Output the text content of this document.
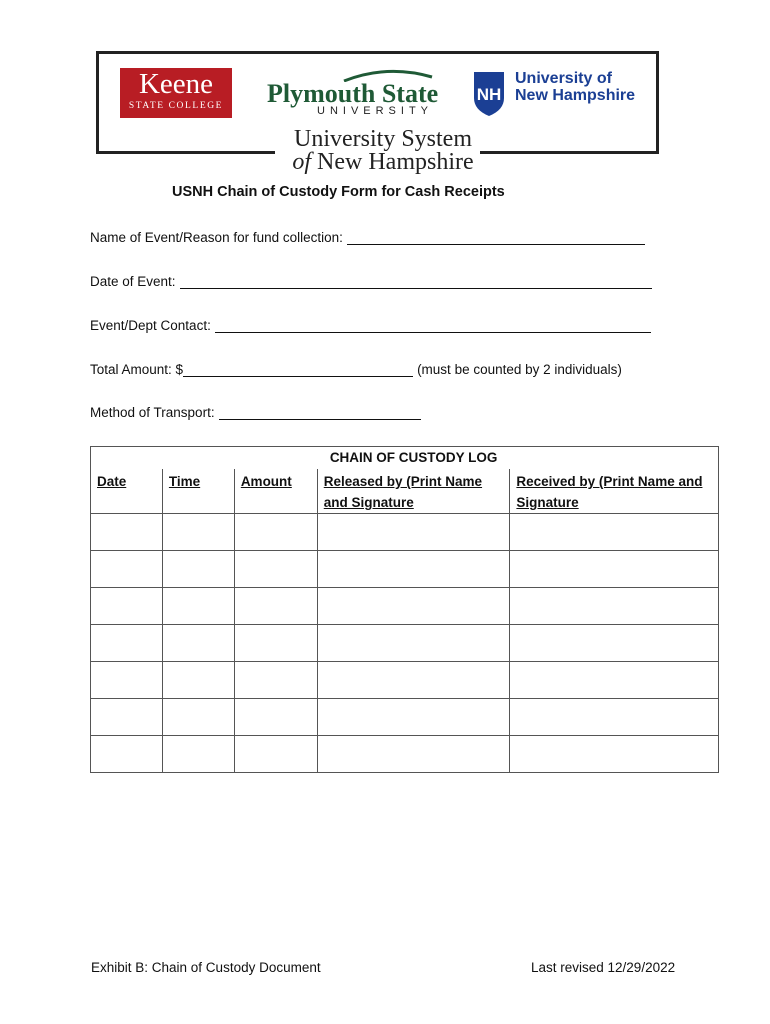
Keene
STATE COLLEGE	Plymouth State
UNIVERSITY
NH
University of
New Hampshire
University System
of New Hampshire
USNH Chain of Custody Form for Cash Receipts
Name of Event/Reason for fund collection:
Date of Event:
Event/Dept Contact:
Total Amount: $	(must be counted by 2 individuals)
Method of Transport:
			CHAIN OF CUSTODY LOG	

Date	Time	Amount	Released by (Print Name and Signature	Received by (Print Name and Signature

Exhibit B: Chain of Custody Document	Last revised 12/29/2022
